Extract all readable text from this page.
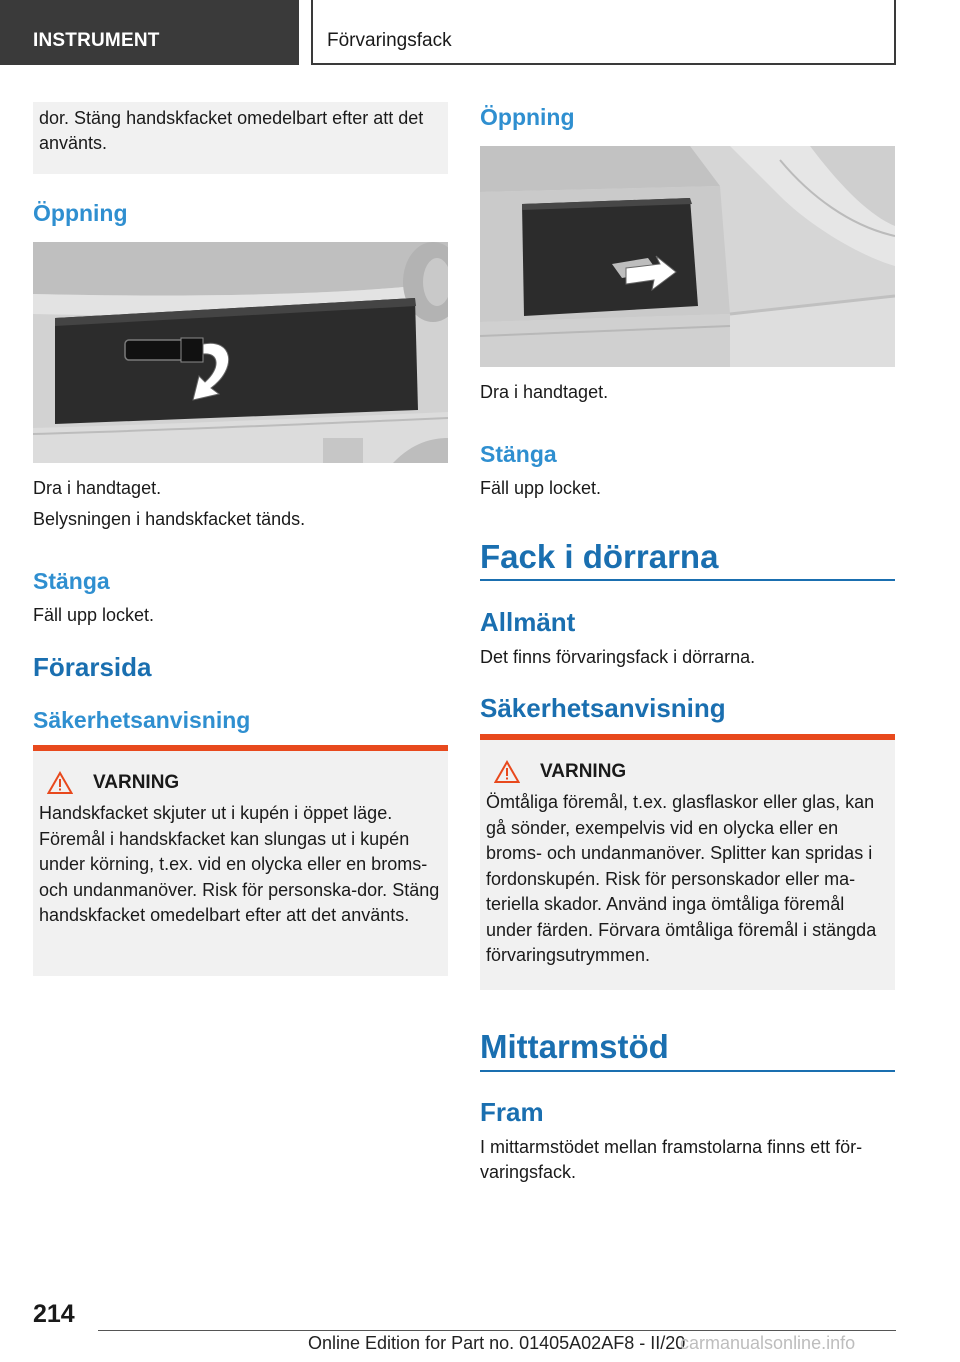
INSTRUMENT	Förvaringsfack
dor. Stäng handskfacket omedelbart efter att det använts.
Öppning
Dra i handtaget.
Belysningen i handskfacket tänds.
Stänga
Fäll upp locket.
Förarsida
Säkerhetsanvisning
VARNING
Handskfacket skjuter ut i kupén i öppet läge. Föremål i handskfacket kan slungas ut i kupén under körning, t.ex. vid en olycka eller en broms- och undanmanöver. Risk för personska-dor. Stäng handskfacket omedelbart efter att det använts.
Öppning
Dra i handtaget.
Stänga
Fäll upp locket.
Fack i dörrarna
Allmänt
Det finns förvaringsfack i dörrarna.
Säkerhetsanvisning
VARNING
Ömtåliga föremål, t.ex. glasflaskor eller glas, kan gå sönder, exempelvis vid en olycka eller en broms- och undanmanöver. Splitter kan spridas i fordonskupén. Risk för personskador eller ma-teriella skador. Använd inga ömtåliga föremål under färden. Förvara ömtåliga föremål i stängda förvaringsutrymmen.
Mittarmstöd
Fram
I mittarmstödet mellan framstolarna finns ett för-varingsfack.
214
Online Edition for Part no. 01405A02AF8 - II/20
carmanualsonline.info
